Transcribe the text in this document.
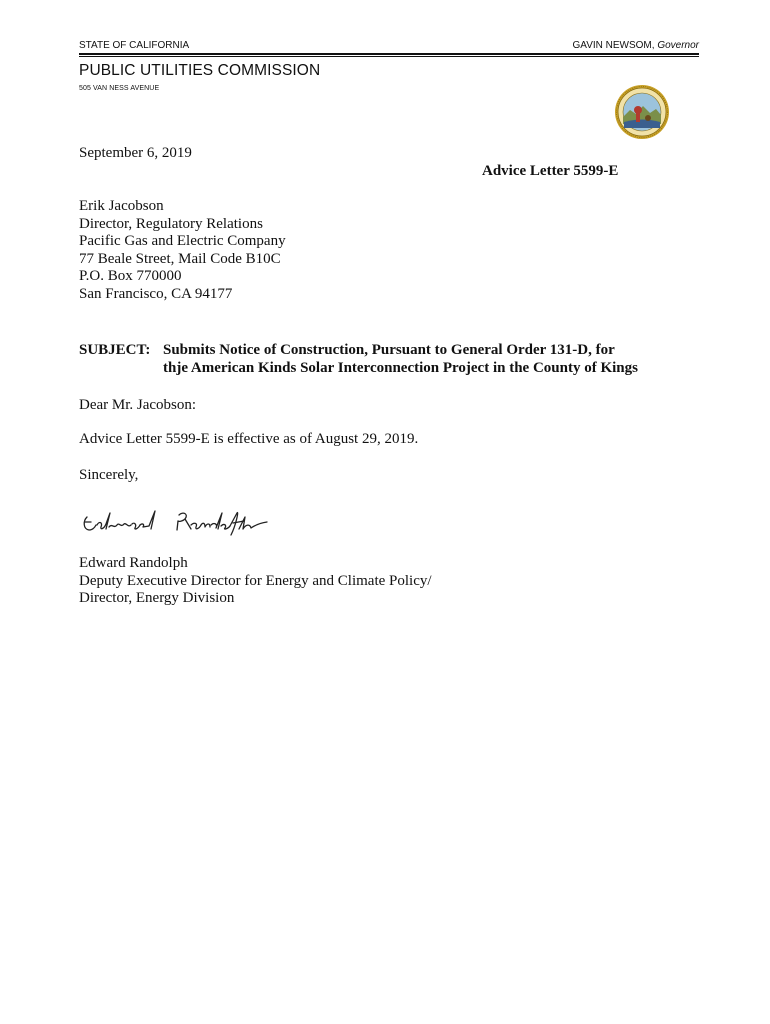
STATE OF CALIFORNIA	GAVIN NEWSOM, Governor
PUBLIC UTILITIES COMMISSION
505 VAN NESS AVENUE
September 6, 2019
Advice Letter 5599-E
Erik Jacobson
Director, Regulatory Relations
Pacific Gas and Electric Company
77 Beale Street, Mail Code B10C
P.O. Box 770000
San Francisco, CA 94177
SUBJECT: Submits Notice of Construction, Pursuant to General Order 131-D, for
thje American Kinds Solar Interconnection Project in the County of Kings
Dear Mr. Jacobson:
Advice Letter 5599-E is effective as of August 29, 2019.
Sincerely,
Edward Randolph
Deputy Executive Director for Energy and Climate Policy/
Director, Energy Division
